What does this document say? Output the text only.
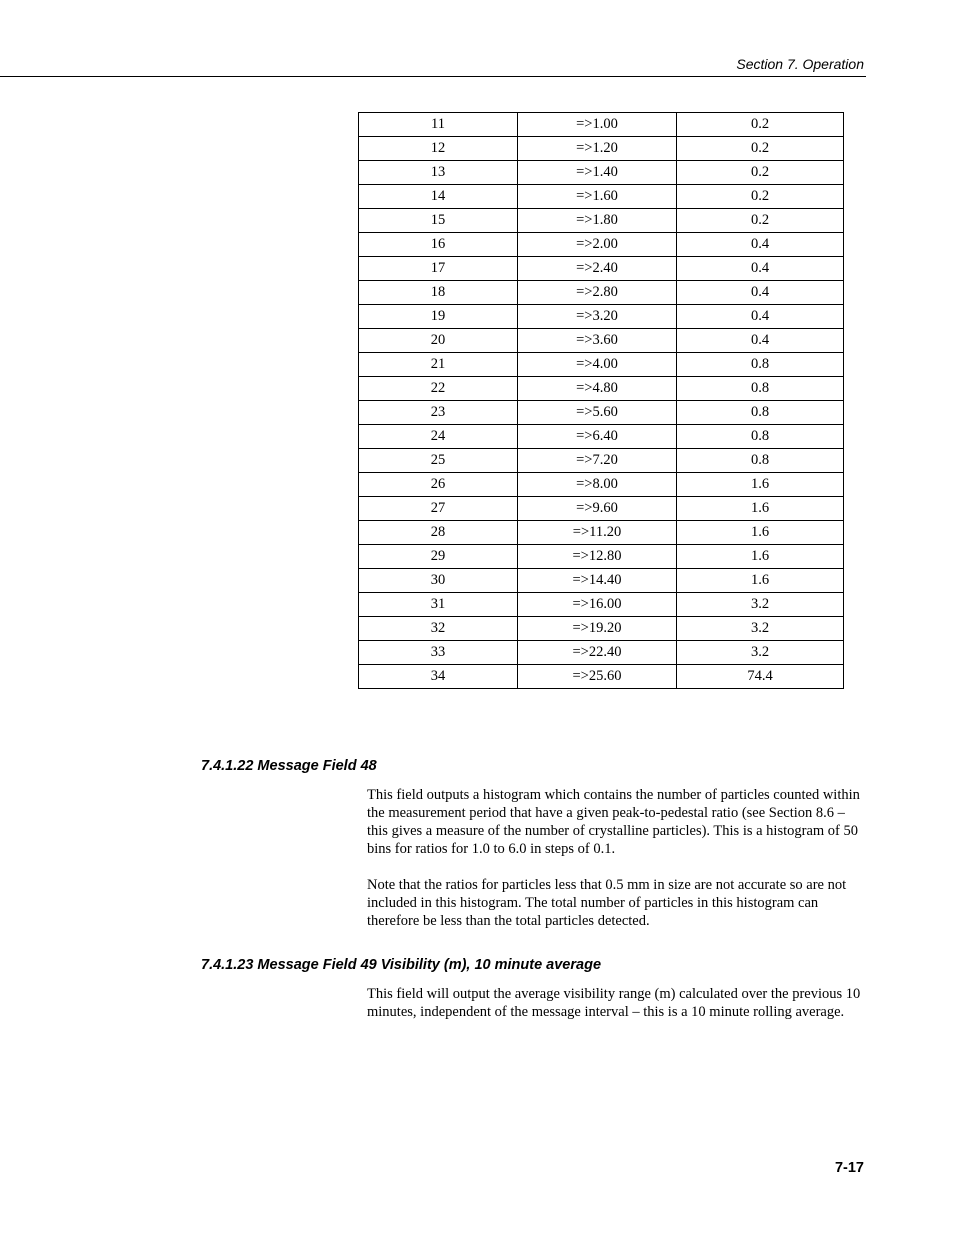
Section 7. Operation

11	=>1.00	0.2
12	=>1.20	0.2
13	=>1.40	0.2
14	=>1.60	0.2
15	=>1.80	0.2
16	=>2.00	0.4
17	=>2.40	0.4
18	=>2.80	0.4
19	=>3.20	0.4
20	=>3.60	0.4
21	=>4.00	0.8
22	=>4.80	0.8
23	=>5.60	0.8
24	=>6.40	0.8
25	=>7.20	0.8
26	=>8.00	1.6
27	=>9.60	1.6
28	=>11.20	1.6
29	=>12.80	1.6
30	=>14.40	1.6
31	=>16.00	3.2
32	=>19.20	3.2
33	=>22.40	3.2
34	=>25.60	74.4
7.4.1.22 Message Field 48

This field outputs a histogram which contains the number of particles counted within the measurement period that have a given peak-to-pedestal ratio (see Section 8.6 – this gives a measure of the number of crystalline particles). This is a histogram of 50 bins for ratios for 1.0 to 6.0 in steps of 0.1.

Note that the ratios for particles less that 0.5 mm in size are not accurate so are not included in this histogram. The total number of particles in this histogram can therefore be less than the total particles detected.

7.4.1.23 Message Field 49 Visibility (m), 10 minute average

This field will output the average visibility range (m) calculated over the previous 10 minutes, independent of the message interval – this is a 10 minute rolling average.

7-17
